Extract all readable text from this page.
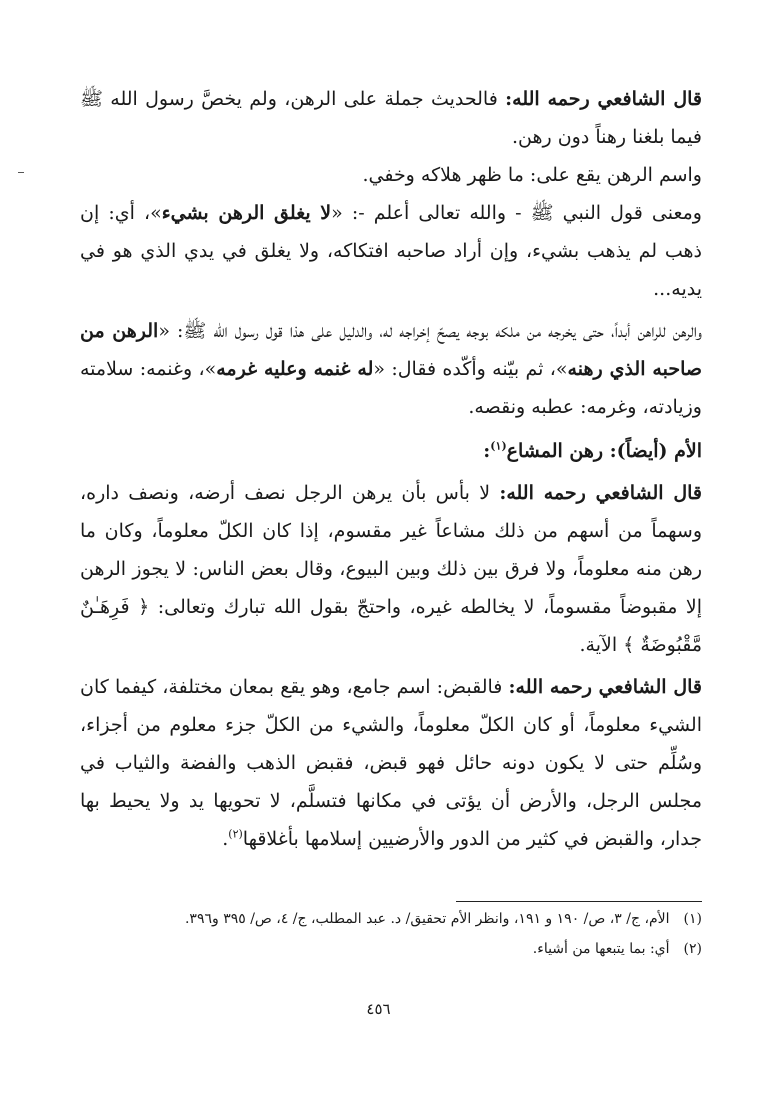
قال الشافعي رحمه الله: فالحديث جملة على الرهن، ولم يخصَّ رسول الله ﷺ فيما بلغنا رهناً دون رهن.

واسم الرهن يقع على: ما ظهر هلاكه وخفي.

ومعنى قول النبي ﷺ - والله تعالى أعلم -: «لا يغلق الرهن بشيء»، أي: إن ذهب لم يذهب بشيء، وإن أراد صاحبه افتكاكه، ولا يغلق في يدي الذي هو في يديه...

والرهن للراهن أبداً، حتى يخرجه من ملكه بوجه يصحّ إخراجه له، والدليل على هذا قول رسول الله ﷺ: «الرهن من صاحبه الذي رهنه»، ثم بيّنه وأكّده فقال: «له غنمه وعليه غرمه»، وغنمه: سلامته وزيادته، وغرمه: عطبه ونقصه.

الأم (أيضاً): رهن المشاع$^{(١)}$:

قال الشافعي رحمه الله: لا بأس بأن يرهن الرجل نصف أرضه، ونصف داره، وسهماً من أسهم من ذلك مشاعاً غير مقسوم، إذا كان الكلّ معلوماً، وكان ما رهن منه معلوماً، ولا فرق بين ذلك وبين البيوع، وقال بعض الناس: لا يجوز الرهن إلا مقبوضاً مقسوماً، لا يخالطه غيره، واحتجّ بقول الله تبارك وتعالى: ﴿ فَرِهَـٰنٌ مَّقْبُوضَةٌ ﴾ الآية.

قال الشافعي رحمه الله: فالقبض: اسم جامع، وهو يقع بمعان مختلفة، كيفما كان الشيء معلوماً، أو كان الكلّ معلوماً، والشيء من الكلّ جزء معلوم من أجزاء، وسُلِّم حتى لا يكون دونه حائل فهو قبض، فقبض الذهب والفضة والثياب في مجلس الرجل، والأرض أن يؤتى في مكانها فتسلَّم، لا تحويها يد ولا يحيط بها جدار، والقبض في كثير من الدور والأرضيين إسلامها بأغلاقها$^{(٢)}$.

(١)الأم، ج/ ٣، ص/ ١٩٠ و ١٩١، وانظر الأم تحقيق/ د. عبد المطلب، ج/ ٤، ص/ ٣٩٥ و٣٩٦.

(٢)أي: بما يتبعها من أشياء.

٤٥٦
